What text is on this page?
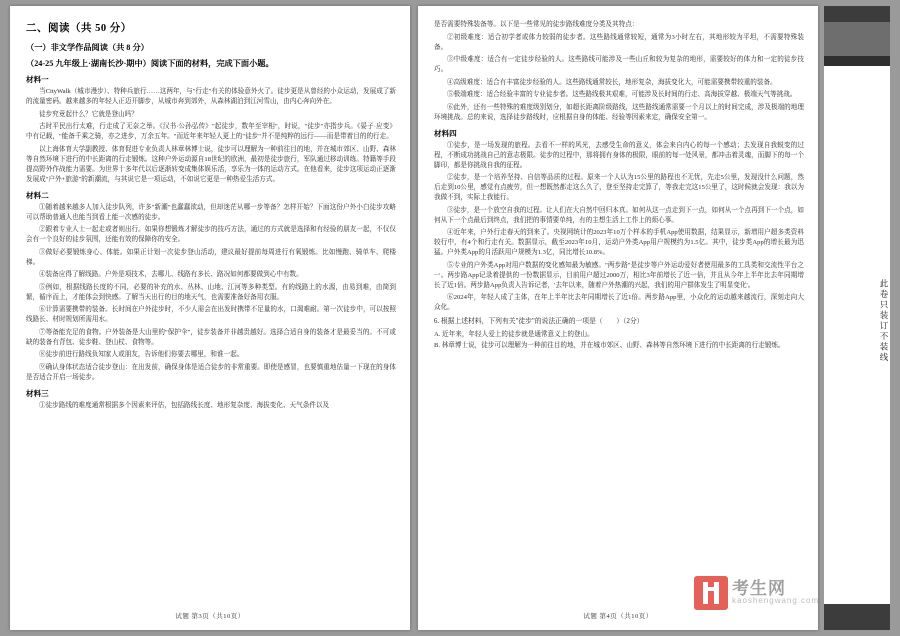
二、阅读（共 50 分）
（一）非文学作品阅读（共 8 分）
（24-25 九年级上·湖南长沙·期中）阅读下面的材料，完成下面小题。
材料一

当CityWalk（城市漫步）、特种兵旅行……这两年，与"行走"有关的体验意外火了。徒步更是从曾经的小众运动，发展成了新的流量密码。越来越多的年轻人正迈开脚步，从城市奔到郊外，从森林湖泊到江河雪山，由内心奔向外在。

徒步究竟起什么？它就是登山吗？

古时平民出行太难，行走成了无奈之举。《汉书·公孙弘传》"起徒步，数年至宰相"，时说，"徒步"亦指步兵。《晏子·应变》中有记载，"能备千乘之骑，亦之进步，万余五年。"而近年来年轻人更上的"徒步"并不是纯粹的远行——而是带着目的的行走。

以上海体育大学副教授、体育促进专业负责人林章林博士说，徒步可以理解为一种前往目的地，并在城市郊区、山野、森林等自然环境下进行的中长距离的行走锻炼。这种户外运动源自18世纪的欧洲，最初是徒步旅行，军队通过移动训练。特籍等手段提高野外作战能力需要。为世界十多年代以后逐渐转变成集体娱乐活，享乐为一体的运动方式。在他看来，徒步这项运动正逐渐发展成"户外+旅游"的新潮流，与其说它是一项运动，不如说它更是一种热爱生活方式。

材料二

①随着越来越多人加入徒步队列，许多"新潮"也蠢蠢欲动，但却迷茫从哪一步等备？怎样开始？下面这份户外小白徒步攻略可以帮助普通人也能当到看上能一次感的徒步。

②跟着专业人士一起走或者则出行。如果你想锻炼才解徒步的技巧方法，通过的方式就是选择和有经验的朋友一起，不仅仅会有一个良好的徒步氛围，还能有效的保障你的安全。

③做好必要锻炼身心、体能。如果正计划一次徒步登山活动，建议最好提前每周进行有氧锻炼。比如慢跑、骑单车、爬楼梯。

④装备应得了解线路。户外是项技术，去哪儿、线路有多长、路况如何都要做到心中有数。

⑤例如，根据线路长度的不同，必要的补充的水、丛林、山地、江河等多种类型。有的线路上的水源，由易到难，由简到繁，循序而上，才能体会到快感。了解当天出行的目的地天气，也需要准备好备用衣服。

⑥计算需要携带的装备。长时间在户外徒步时，不少人需会在出发时携带不足量的水，口渴难耐。第一次徒步中，可以按照线路长、材时规划所需用水。

⑦等备能充足的食物。户外装备是大山里的"保护伞"，徒步装备并非越贵越好。选择合适自身的装备才是最妥当的。不可或缺的装备有背包、徒步鞋、登山杖、食物等。

⑧徒步前进行路线负知家人或朋友，告诉他们你要去哪里，和谁一起。

⑨确认身体状态适合徒步登山：在出发前，确保身体是适合徒步的非常重要。即使是感冒，也要慎重地估量一下现在的身体是否适合开启一场徒步。

材料三

①徒步路线的难度通常根据多个因素来评估，包括路线长度、地形复杂度、海拔变化、天气条件以及

试题 第3页（共10页）

是否需要特殊装备等。以下是一些常见的徒步路线难度分类及其特点：

②初级难度：适合初学者或体力较弱的徒步者。这些路线通常较短，通常为3小时左右，其地形较为平坦，不需要特殊装备。

③中级难度：适合有一定徒步经验的人。这些路线可能涉及一些山丘和较为复杂的地形，需要较好的体力和一定的徒步技巧。

④高级难度：适合有丰富徒步经验的人。这些路线通常较长，地形复杂，海拔变化大，可能需要携带较重的装备。

⑤极端难度：适合经验丰富的专业徒步者。这些路线极其艰难，可能涉及长时间的行走、高海拔穿越、极端天气等挑战。

⑥此外，还有一些特殊的难度级别划分，如超长距离阶级路线，这些路线通常需要一个月以上的时间完成，涉及极端的地理环境挑战。总的来说，选择徒步路线时，应根据自身的体能、经验等因素来定，确保安全第一。

材料四

①徒步，是一场发现的旅程。去看不一样的风光，去感受生命的意义，体会来自内心的每一个感动；去发现自我蜕变的过程，不断成功挑战自己的意志极限。徒步的过程中，那将拥有身体的极限，眼前的每一处风景，都冲击着灵魂，而脚下的每一个脚印，都是你挑战自我的征程。

②徒步，是一个培养坚持、自信等品质的过程。原来一个人认为15公里的路程也不无忧，先走5公里，发现没什么问题，然后走到10公里，感觉有点疲劳，但一想既然都走这么久了，登至坚持走完算了，等我走完这15公里了，这时候就会发现：我以为我做不到，实际上我能行。

③徒步，是一个放空自我的过程。让人们在大自然中回归本真。如何从这一点走到下一点，如何从一个点再到下一个点，如何从下一个点最后到终点，我们把的事情要单纯，有的主想生活上工作上的烦心事。

④近年来，户外行走春天的到来了。央视网统计的2023年10万个样本的手机App使用数据，结果显示，新增用户超多类资料较行中，有4个和行走有关。数据显示，截至2023年10月，运动户外类App用户规模约为1.5亿。其中，徒步类App的增长最为迅猛。户外类App的月活跃用户规模为1.3亿，同比增长10.8%。

⑤专业的户外类App对用户数据的变化感知最为敏感。"两步路"是徒步等户外运动爱好者使用最多的工具类和交流性平台之一。两步路App记录着提供的一份数据显示，目前用户超过2000万，相比3年前增长了近一倍，并且从今年上半年比去年同期增长了近1倍。两步路App负责人告诉记者，'去年以来，随着户外热潮的兴起，我们的用户群体发生了明显变化'。

⑥2024年，年轻人成了主体，在年上半年比去年同期增长了近1倍。两步路App里，小众化的运动越来越流行，深刻走向大众化。

6. 根据上述材料，下列有关"徒步"的说法正确的一项是（　　）（2分）

A. 近年来，年轻人爱上的徒步就是通常意义上的登山。

B. 林章博士说，徒步可以理解为一种前往目的地，并在城市郊区、山野、森林等自然环境下进行的中长距离的行走锻炼。

考生网
kaoshengwang.com
试题 第4页（共10页）
此卷只装订不装线
